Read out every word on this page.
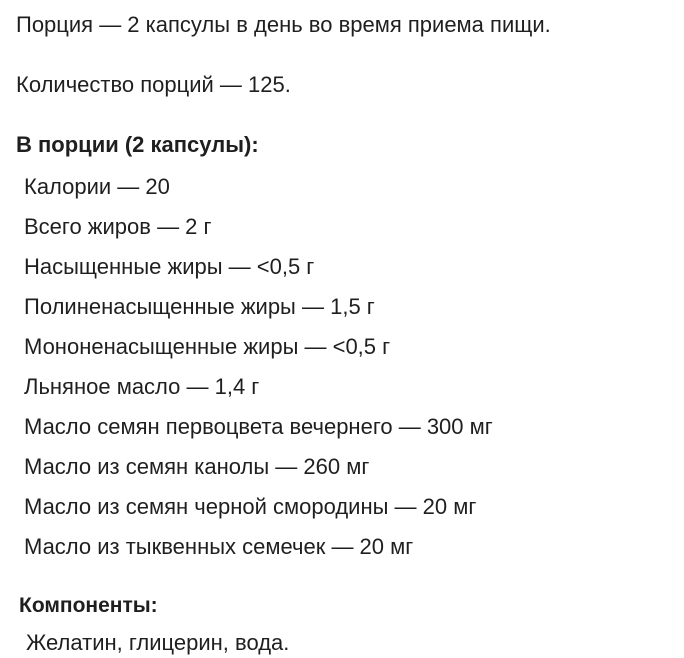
Порция — 2 капсулы в день во время приема пищи.
Количество порций — 125.
В порции (2 капсулы):
Калории — 20
Всего жиров — 2 г
Насыщенные жиры — <0,5 г
Полиненасыщенные жиры — 1,5 г
Мононенасыщенные жиры — <0,5 г
Льняное масло — 1,4 г
Масло семян первоцвета вечернего — 300 мг
Масло из семян канолы — 260 мг
Масло из семян черной смородины — 20 мг
Масло из тыквенных семечек — 20 мг
Компоненты:
Желатин, глицерин, вода.
